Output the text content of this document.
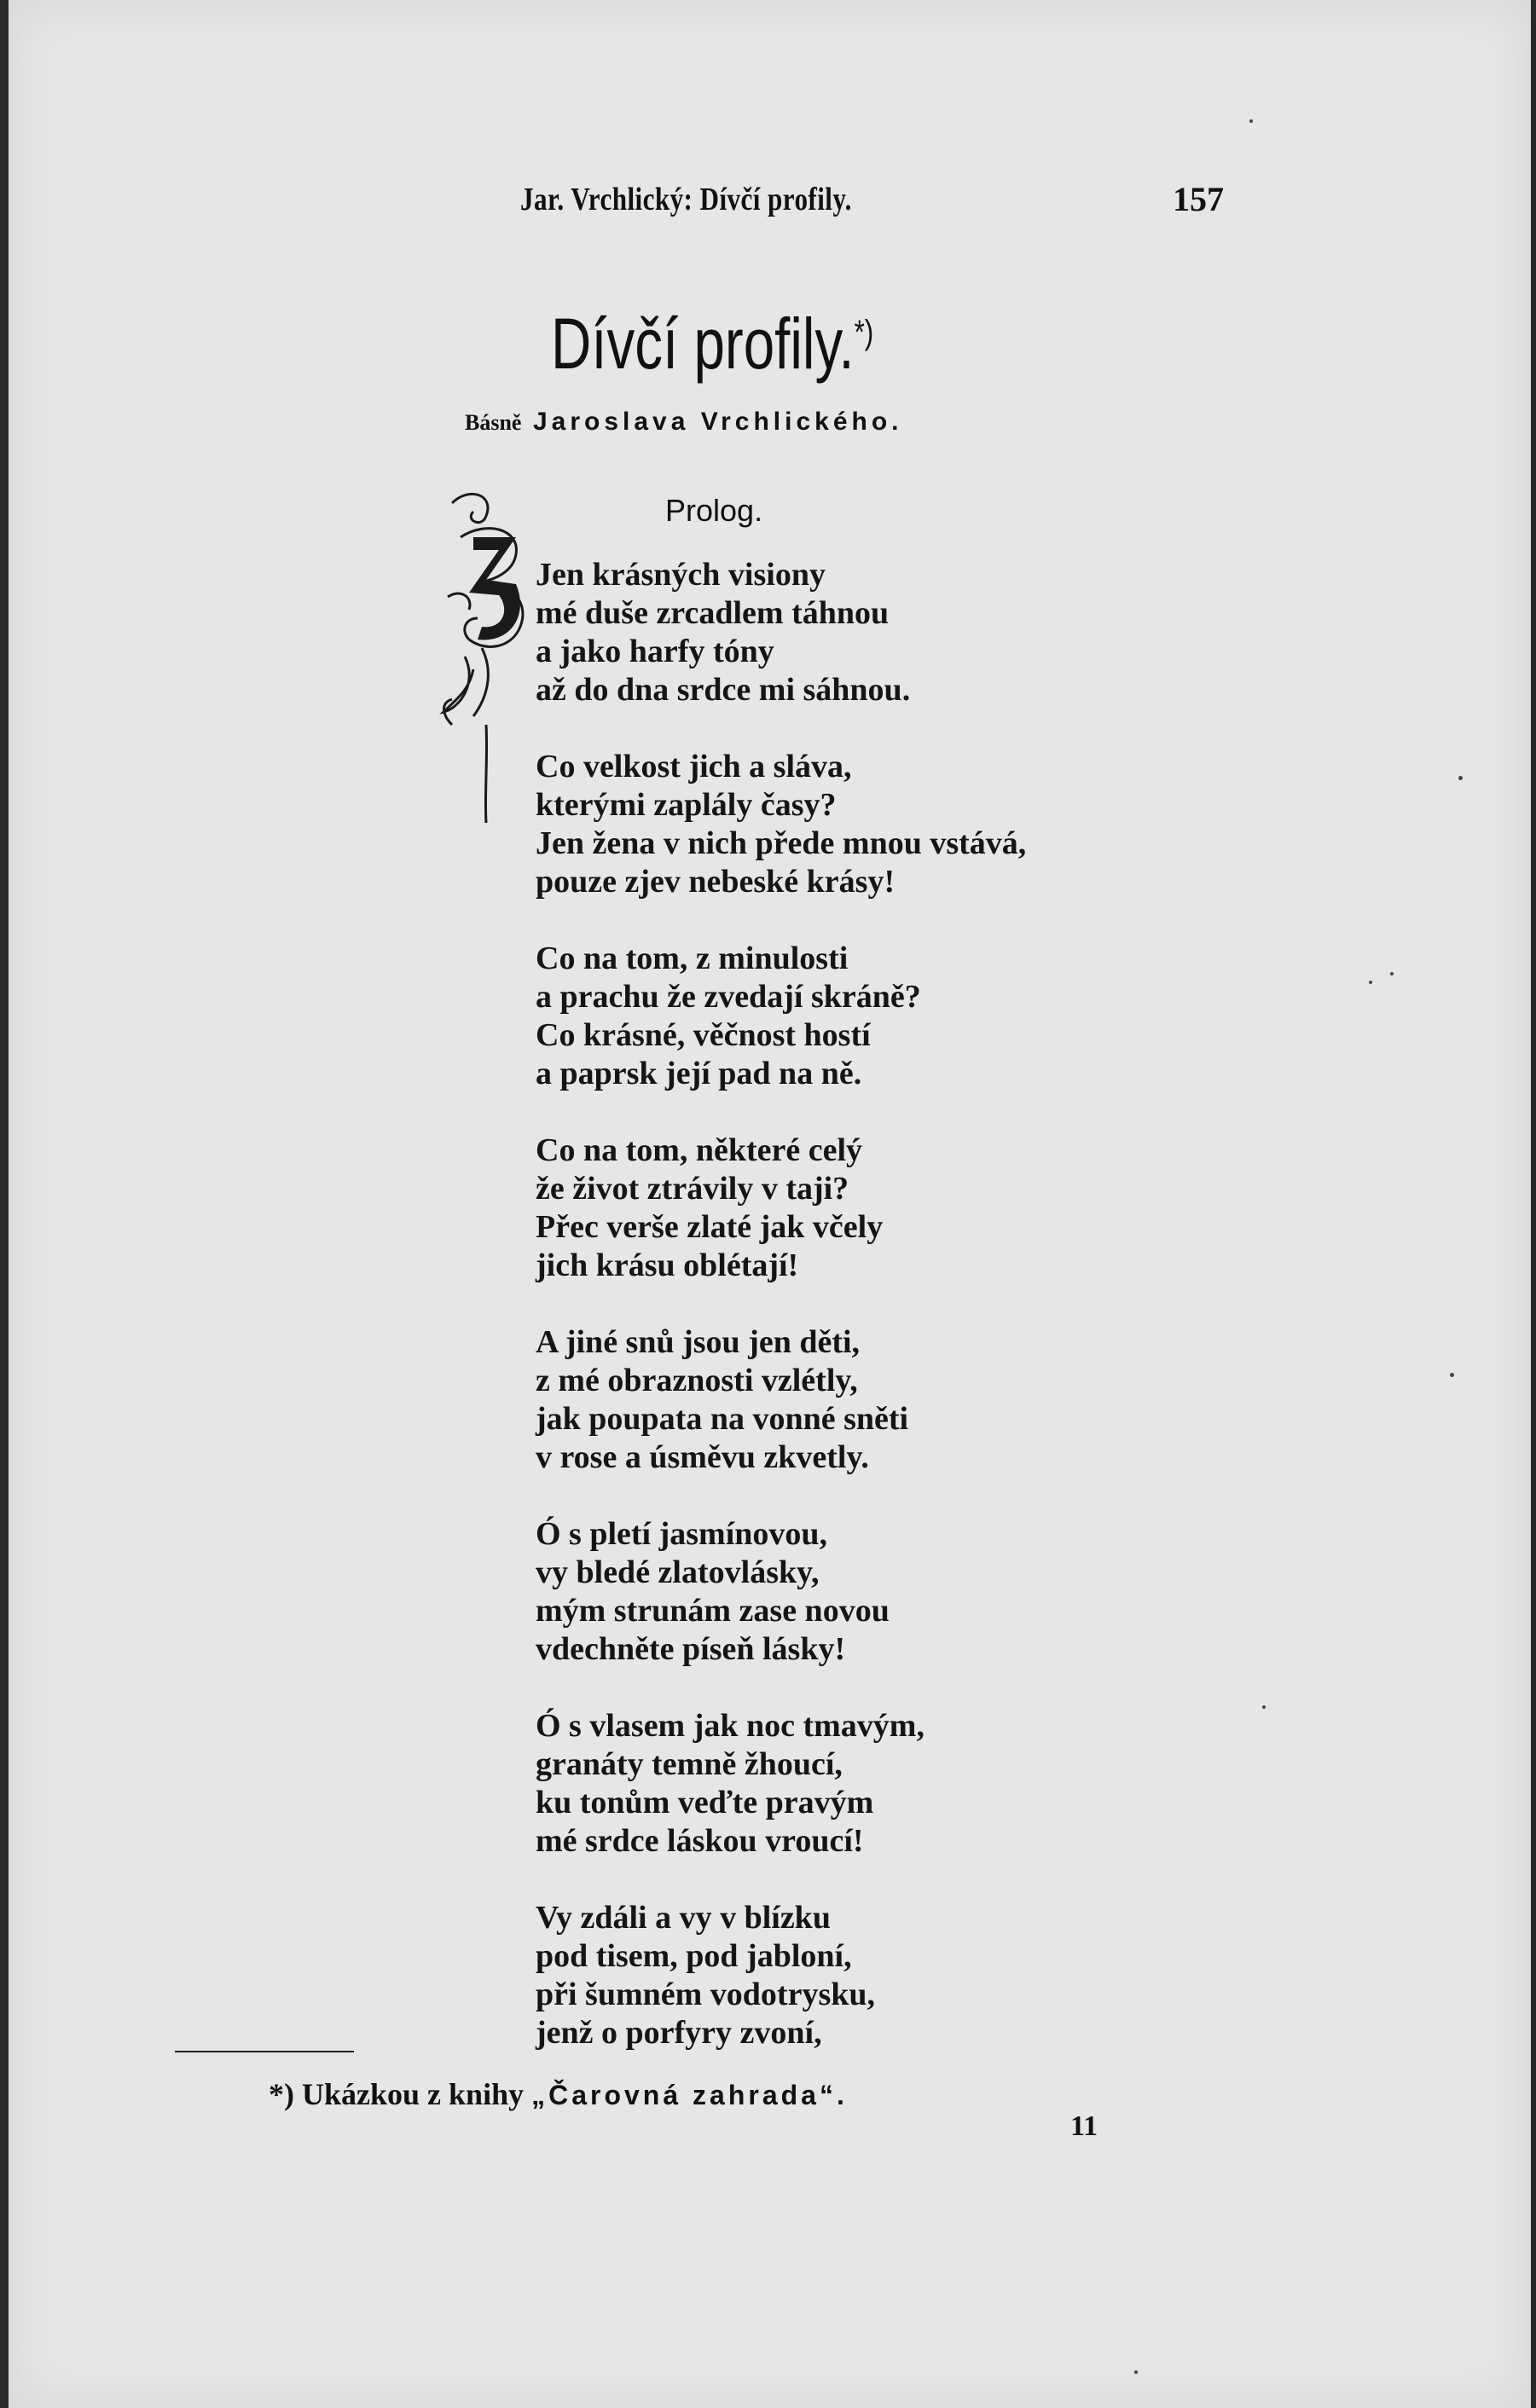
Jar. Vrchlický: Dívčí profily.	157
Dívčí profily.*)
Básně Jaroslava Vrchlického.
Prolog.
Jen krásných visiony
mé duše zrcadlem táhnou
a jako harfy tóny
až do dna srdce mi sáhnou.
Co velkost jich a sláva,
kterými zaplály časy?
Jen žena v nich přede mnou vstává,
pouze zjev nebeské krásy!
Co na tom, z minulosti
a prachu že zvedají skráně?
Co krásné, věčnost hostí
a paprsk její pad na ně.
Co na tom, některé celý
že život ztrávily v taji?
Přec verše zlaté jak včely
jich krásu oblétají!
A jiné snů jsou jen děti,
z mé obraznosti vzlétly,
jak poupata na vonné sněti
v rose a úsměvu zkvetly.
Ó s pletí jasmínovou,
vy bledé zlatovlásky,
mým strunám zase novou
vdechněte píseň lásky!
Ó s vlasem jak noc tmavým,
granáty temně žhoucí,
ku tonům veďte pravým
mé srdce láskou vroucí!
Vy zdáli a vy v blízku
pod tisem, pod jabloní,
při šumném vodotrysku,
jenž o porfyry zvoní,
*) Ukázkou z knihy „Čarovná zahrada“.
11
